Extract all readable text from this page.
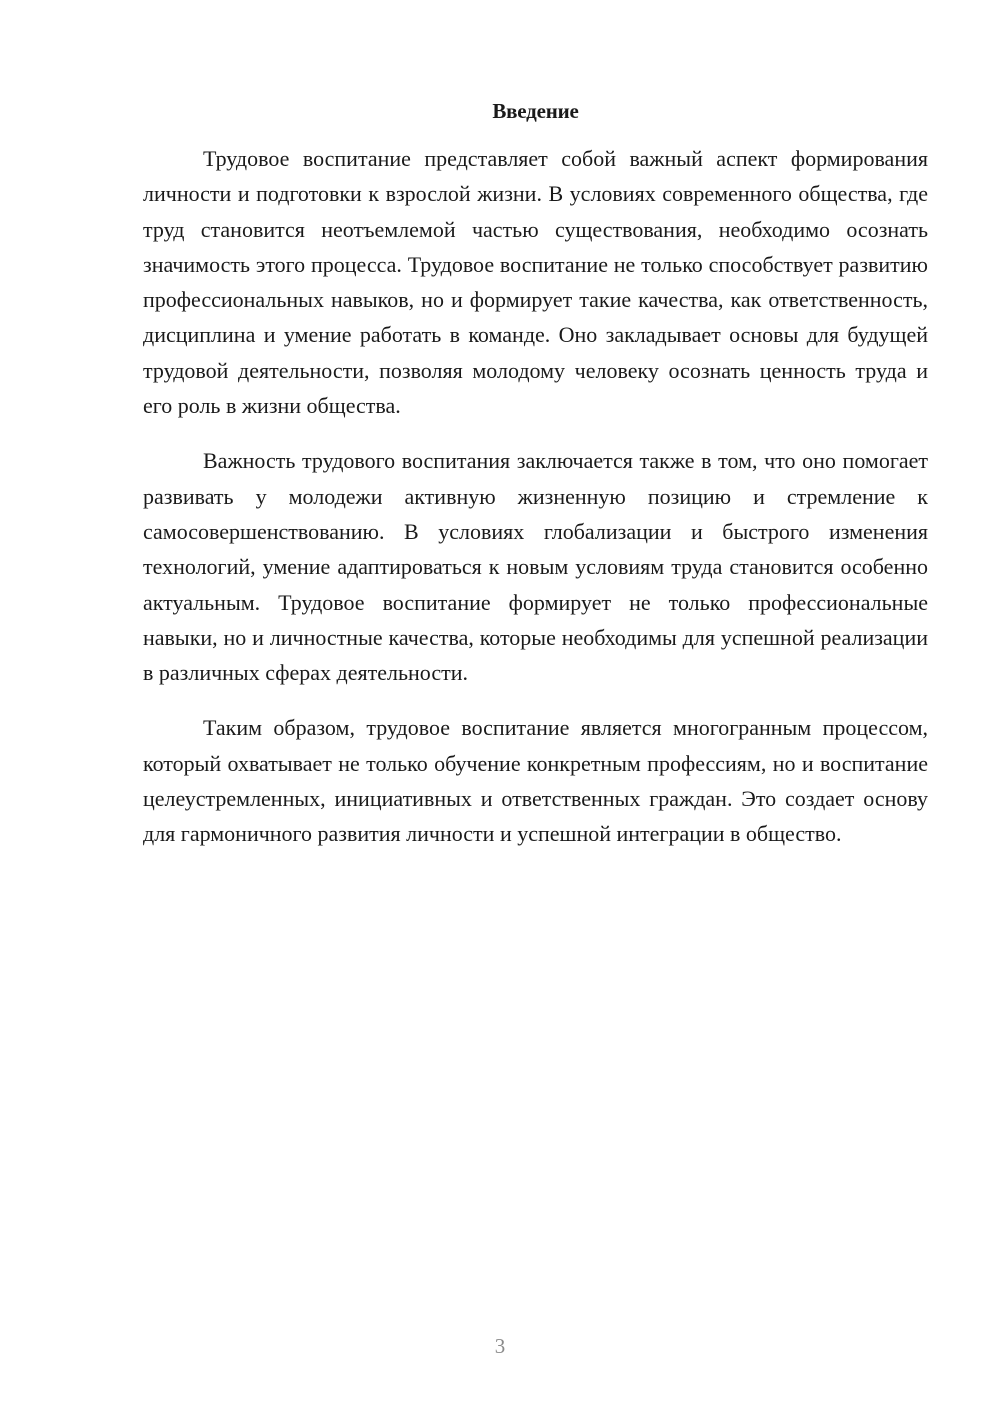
Введение

Трудовое воспитание представляет собой важный аспект формирования личности и подготовки к взрослой жизни. В условиях современного общества, где труд становится неотъемлемой частью существования, необходимо осознать значимость этого процесса. Трудовое воспитание не только способствует развитию профессиональных навыков, но и формирует такие качества, как ответственность, дисциплина и умение работать в команде. Оно закладывает основы для будущей трудовой деятельности, позволяя молодому человеку осознать ценность труда и его роль в жизни общества.

Важность трудового воспитания заключается также в том, что оно помогает развивать у молодежи активную жизненную позицию и стремление к самосовершенствованию. В условиях глобализации и быстрого изменения технологий, умение адаптироваться к новым условиям труда становится особенно актуальным. Трудовое воспитание формирует не только профессиональные навыки, но и личностные качества, которые необходимы для успешной реализации в различных сферах деятельности.

Таким образом, трудовое воспитание является многогранным процессом, который охватывает не только обучение конкретным профессиям, но и воспитание целеустремленных, инициативных и ответственных граждан. Это создает основу для гармоничного развития личности и успешной интеграции в общество.

3
